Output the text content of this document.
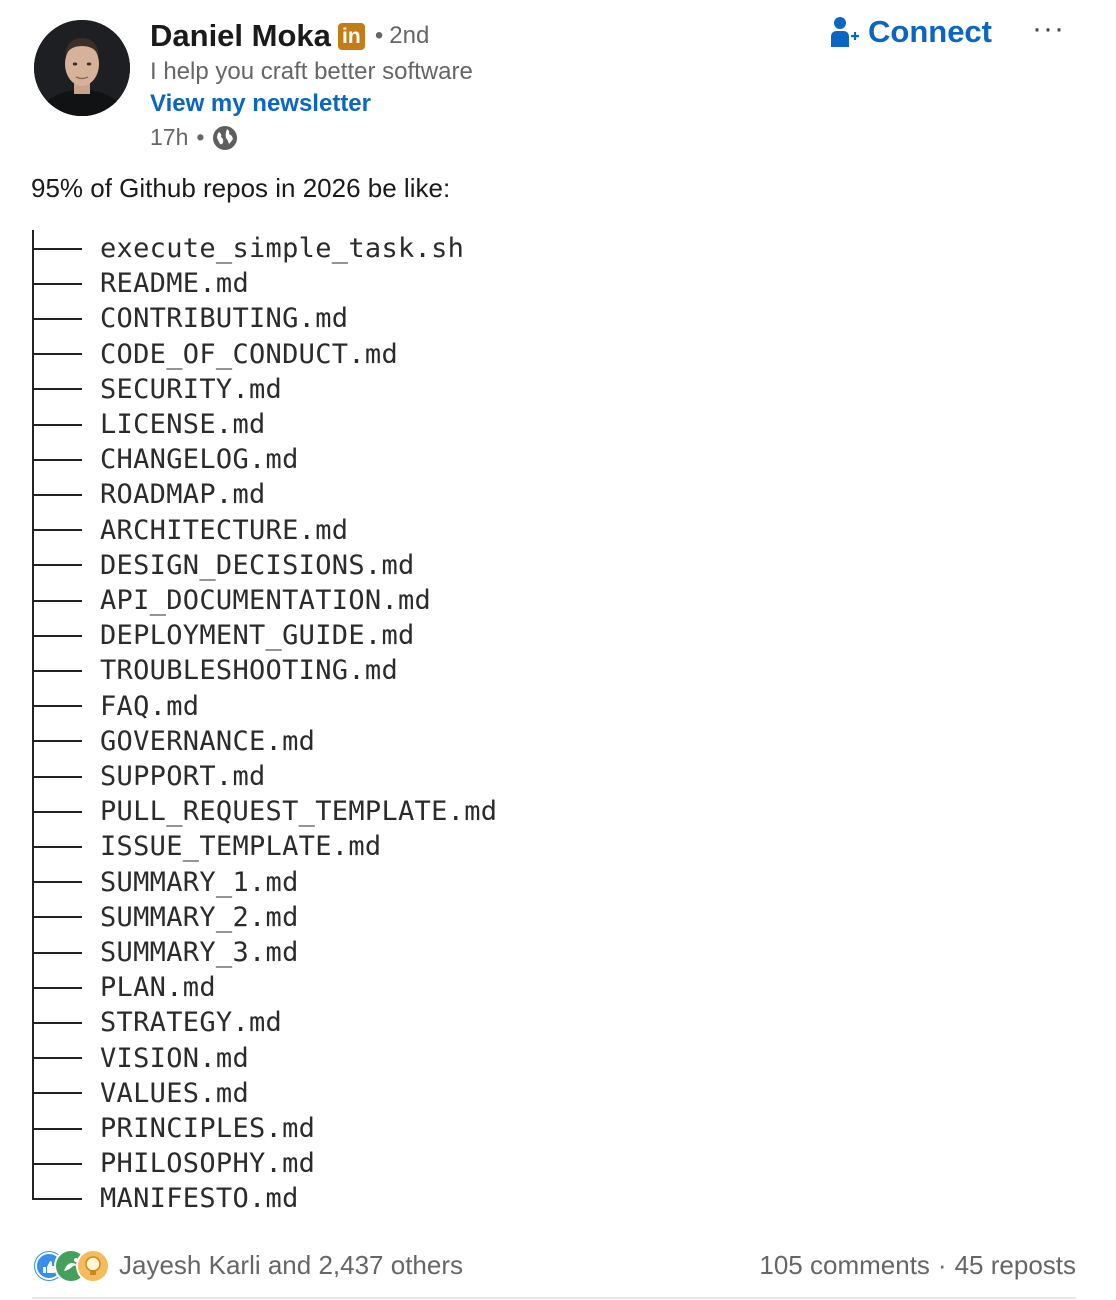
Daniel Moka in • 2nd
I help you craft better software
View my newsletter
17h •
Connect ···
95% of Github repos in 2026 be like:
execute_simple_task.sh
README.md
CONTRIBUTING.md
CODE_OF_CONDUCT.md
SECURITY.md
LICENSE.md
CHANGELOG.md
ROADMAP.md
ARCHITECTURE.md
DESIGN_DECISIONS.md
API_DOCUMENTATION.md
DEPLOYMENT_GUIDE.md
TROUBLESHOOTING.md
FAQ.md
GOVERNANCE.md
SUPPORT.md
PULL_REQUEST_TEMPLATE.md
ISSUE_TEMPLATE.md
SUMMARY_1.md
SUMMARY_2.md
SUMMARY_3.md
PLAN.md
STRATEGY.md
VISION.md
VALUES.md
PRINCIPLES.md
PHILOSOPHY.md
MANIFESTO.md
Jayesh Karli and 2,437 others	105 comments · 45 reposts
